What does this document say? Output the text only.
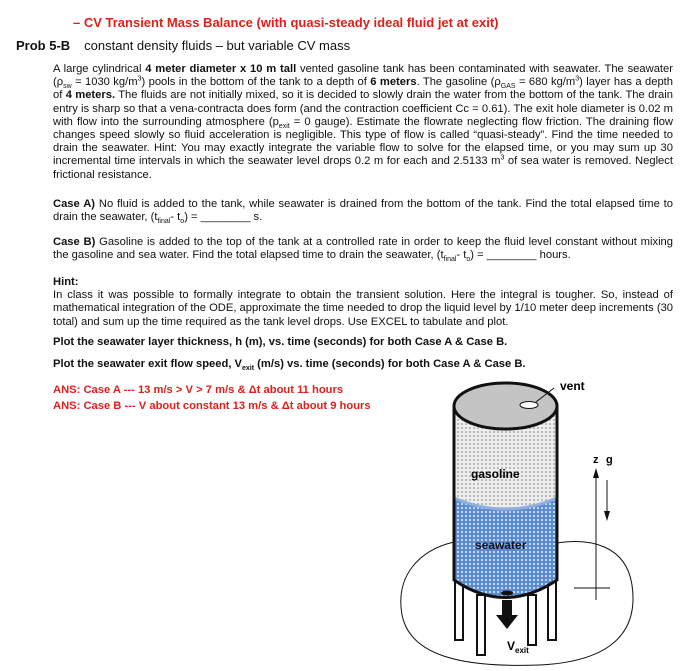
– CV Transient Mass Balance (with quasi-steady ideal fluid jet at exit)
Prob 5-B constant density fluids – but variable CV mass
A large cylindrical 4 meter diameter x 10 m tall vented gasoline tank has been contaminated with seawater. The seawater ($\rho_{sw} = 1030$ $kg/m^3$) pools in the bottom of the tank to a depth of 6 meters. The gasoline ($\rho_{GAS} = 680$ $kg/m^3$) layer has a depth of 4 meters. The fluids are not initially mixed, so it is decided to slowly drain the water from the bottom of the tank. The drain entry is sharp so that a vena-contracta does form (and the contraction coefficient Cc = 0.61). The exit hole diameter is 0.02 m with flow into the surrounding atmosphere ($p_{exit} = 0$ gauge). Estimate the flowrate neglecting flow friction. The draining flow changes speed slowly so fluid acceleration is negligible. This type of flow is called “quasi-steady”. Find the time needed to drain the seawater. Hint: You may exactly integrate the variable flow to solve for the elapsed time, or you may sum up 30 incremental time intervals in which the seawater level drops 0.2 m for each and 2.5133 $m^3$ of sea water is removed. Neglect frictional resistance.
Case A) No fluid is added to the tank, while seawater is drained from the bottom of the tank. Find the total elapsed time to drain the seawater, ($t_{final}-$ $t_o$) = ________ s.
Case B) Gasoline is added to the top of the tank at a controlled rate in order to keep the fluid level constant without mixing the gasoline and sea water. Find the total elapsed time to drain the seawater, ($t_{final}-$ $t_o$) = ________ hours.
Hint:
In class it was possible to formally integrate to obtain the transient solution. Here the integral is tougher. So, instead of mathematical integration of the ODE, approximate the time needed to drop the liquid level by 1/10 meter deep increments (30 total) and sum up the time required as the tank level drops. Use EXCEL to tabulate and plot.
Plot the seawater layer thickness, h (m), vs. time (seconds) for both Case A & Case B.
Plot the seawater exit flow speed, $V_{exit}$ (m/s) vs. time (seconds) for both Case A & Case B.
ANS: Case A --- 13 m/s > V > 7 m/s & Δt about 11 hours
ANS: Case B --- V about constant 13 m/s & Δt about 9 hours
vent
gasoline
seawater
$V_{exit}$
z g
